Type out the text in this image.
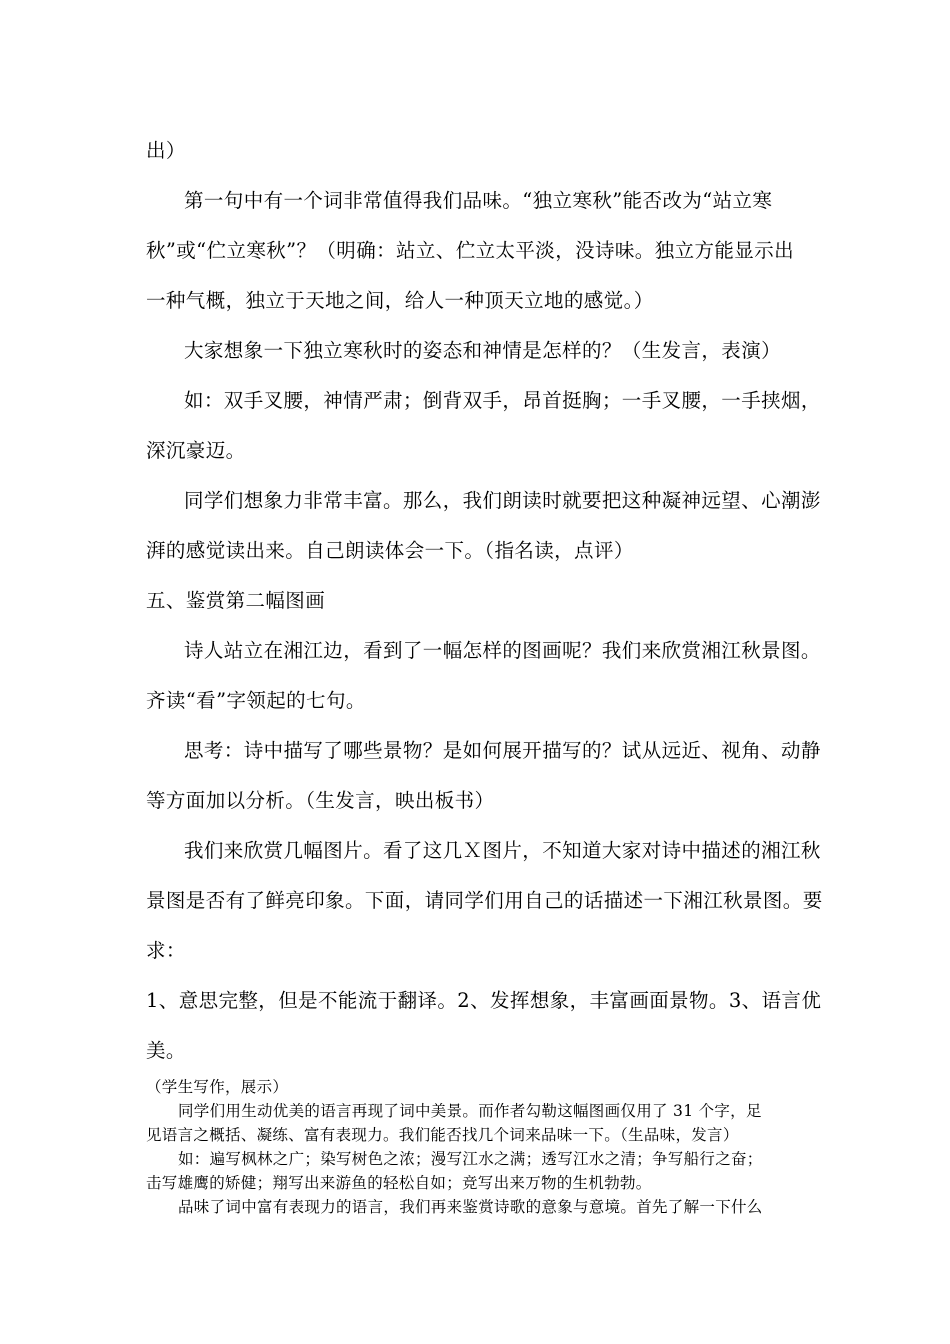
出）
第一句中有一个词非常值得我们品味。“独立寒秋”能否改为“站立寒
秋”或“伫立寒秋”？（明确：站立、伫立太平淡，没诗味。独立方能显示出
一种气概，独立于天地之间，给人一种顶天立地的感觉。）
大家想象一下独立寒秋时的姿态和神情是怎样的？（生发言，表演）
如：双手叉腰，神情严肃；倒背双手，昂首挺胸；一手叉腰，一手挟烟，
深沉豪迈。
同学们想象力非常丰富。那么，我们朗读时就要把这种凝神远望、心潮澎
湃的感觉读出来。自己朗读体会一下。（指名读，点评）
五、鉴赏第二幅图画
诗人站立在湘江边，看到了一幅怎样的图画呢？我们来欣赏湘江秋景图。
齐读“看”字领起的七句。
思考：诗中描写了哪些景物？是如何展开描写的？试从远近、视角、动静
等方面加以分析。（生发言，映出板书）
我们来欣赏几幅图片。看了这几Ｘ图片，不知道大家对诗中描述的湘江秋
景图是否有了鲜亮印象。下面，请同学们用自己的话描述一下湘江秋景图。要
求：
1、意思完整，但是不能流于翻译。2、发挥想象，丰富画面景物。3、语言优
美。
（学生写作，展示）
同学们用生动优美的语言再现了词中美景。而作者勾勒这幅图画仅用了 31 个字，足
见语言之概括、凝练、富有表现力。我们能否找几个词来品味一下。（生品味，发言）
如：遍写枫林之广；染写树色之浓；漫写江水之满；透写江水之清；争写船行之奋；
击写雄鹰的矫健；翔写出来游鱼的轻松自如；竞写出来万物的生机勃勃。
品味了词中富有表现力的语言，我们再来鉴赏诗歌的意象与意境。首先了解一下什么
